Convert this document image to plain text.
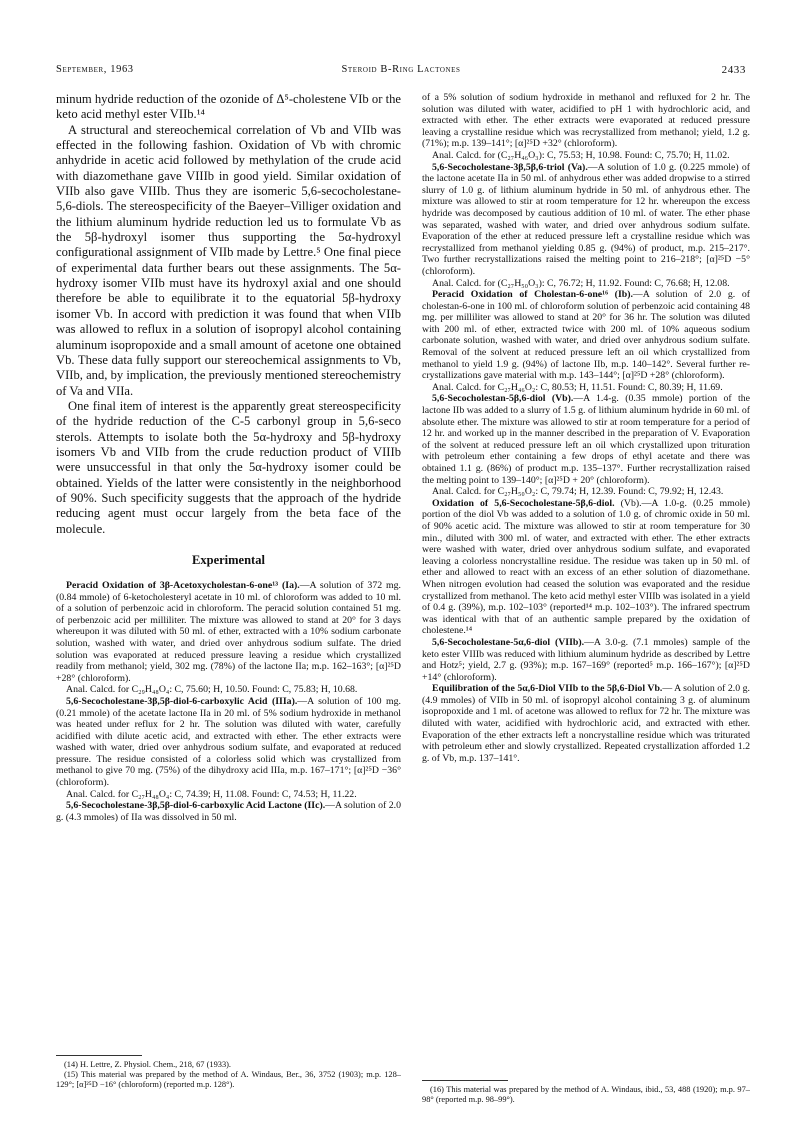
September, 1963	Steroid B-Ring Lactones	2433

minum hydride reduction of the ozonide of Δ⁵-cholestene VIb or the keto acid methyl ester VIIb.¹⁴

A structural and stereochemical correlation of Vb and VIIb was effected in the following fashion. Oxidation of Vb with chromic anhydride in acetic acid followed by methylation of the crude acid with diazomethane gave VIIIb in good yield. Similar oxidation of VIIb also gave VIIIb. Thus they are isomeric 5,6-secocholestane-5,6-diols. The stereospecificity of the Baeyer–Villiger oxidation and the lithium aluminum hydride reduction led us to formulate Vb as the 5β-hydroxyl isomer thus supporting the 5α-hydroxyl configurational assignment of VIIb made by Lettre.⁵ One final piece of experimental data further bears out these assignments. The 5α-hydroxy isomer VIIb must have its hydroxyl axial and one should therefore be able to equilibrate it to the equatorial 5β-hydroxy isomer Vb. In accord with prediction it was found that when VIIb was allowed to reflux in a solution of isopropyl alcohol containing aluminum isopropoxide and a small amount of acetone one obtained Vb. These data fully support our stereochemical assignments to Vb, VIIb, and, by implication, the previously mentioned stereochemistry of Va and VIIa.

One final item of interest is the apparently great stereospecificity of the hydride reduction of the C-5 carbonyl group in 5,6-seco sterols. Attempts to isolate both the 5α-hydroxy and 5β-hydroxy isomers Vb and VIIb from the crude reduction product of VIIIb were unsuccessful in that only the 5α-hydroxy isomer could be obtained. Yields of the latter were consistently in the neighborhood of 90%. Such specificity suggests that the approach of the hydride reducing agent must occur largely from the beta face of the molecule.

Experimental

Peracid Oxidation of 3β-Acetoxycholestan-6-one¹³ (Ia).—A solution of 372 mg. (0.84 mmole) of 6-ketocholesteryl acetate in 10 ml. of chloroform was added to 10 ml. of a solution of perbenzoic acid in chloroform. The peracid solution contained 51 mg. of perbenzoic acid per milliliter. The mixture was allowed to stand at 20° for 3 days whereupon it was diluted with 50 ml. of ether, extracted with a 10% sodium carbonate solution, washed with water, and dried over anhydrous sodium sulfate. The dried solution was evaporated at reduced pressure leaving a residue which crystallized readily from methanol; yield, 302 mg. (78%) of the lactone IIa; m.p. 162–163°; [α]²⁵D +28° (chloroform).

Anal. Calcd. for C₂₉H₄₈O₄: C, 75.60; H, 10.50. Found: C, 75.83; H, 10.68.

5,6-Secocholestane-3β,5β-diol-6-carboxylic Acid (IIIa).—A solution of 100 mg. (0.21 mmole) of the acetate lactone IIa in 20 ml. of 5% sodium hydroxide in methanol was heated under reflux for 2 hr. The solution was diluted with water, carefully acidified with dilute acetic acid, and extracted with ether. The ether extracts were washed with water, dried over anhydrous sodium sulfate, and evaporated at reduced pressure. The residue consisted of a colorless solid which was crystallized from methanol to give 70 mg. (75%) of the dihydroxy acid IIIa, m.p. 167–171°; [α]²⁵D −36° (chloroform).

Anal. Calcd. for C₂₇H₄₈O₄: C, 74.39; H, 11.08. Found: C, 74.53; H, 11.22.

5,6-Secocholestane-3β,5β-diol-6-carboxylic Acid Lactone (IIc).—A solution of 2.0 g. (4.3 mmoles) of IIa was dissolved in 50 ml.

(14) H. Lettre, Z. Physiol. Chem., 218, 67 (1933).

(15) This material was prepared by the method of A. Windaus, Ber., 36, 3752 (1903); m.p. 128–129°; [α]²⁵D −16° (chloroform) (reported m.p. 128°).

of a 5% solution of sodium hydroxide in methanol and refluxed for 2 hr. The solution was diluted with water, acidified to pH 1 with hydrochloric acid, and extracted with ether. The ether extracts were evaporated at reduced pressure leaving a crystalline residue which was recrystallized from methanol; yield, 1.2 g. (71%); m.p. 139–141°; [α]²⁵D +32° (chloroform).

Anal. Calcd. for (C₂₇H₄₆O₃): C, 75.53; H, 10.98. Found: C, 75.70; H, 11.02.

5,6-Secocholestane-3β,5β,6-triol (Va).—A solution of 1.0 g. (0.225 mmole) of the lactone acetate IIa in 50 ml. of anhydrous ether was added dropwise to a stirred slurry of 1.0 g. of lithium aluminum hydride in 50 ml. of anhydrous ether. The mixture was allowed to stir at room temperature for 12 hr. whereupon the excess hydride was decomposed by cautious addition of 10 ml. of water. The ether phase was separated, washed with water, and dried over anhydrous sodium sulfate. Evaporation of the ether at reduced pressure left a crystalline residue which was recrystallized from methanol yielding 0.85 g. (94%) of product, m.p. 215–217°. Two further recrystallizations raised the melting point to 216–218°; [α]²⁵D −5° (chloroform).

Anal. Calcd. for (C₂₇H₅₀O₃): C, 76.72; H, 11.92. Found: C, 76.68; H, 12.08.

Peracid Oxidation of Cholestan-6-one¹⁶ (Ib).—A solution of 2.0 g. of cholestan-6-one in 100 ml. of chloroform solution of perbenzoic acid containing 48 mg. per milliliter was allowed to stand at 20° for 36 hr. The solution was diluted with 200 ml. of ether, extracted twice with 200 ml. of 10% aqueous sodium carbonate solution, washed with water, and dried over anhydrous sodium sulfate. Removal of the solvent at reduced pressure left an oil which crystallized from methanol to yield 1.9 g. (94%) of lactone IIb, m.p. 140–142°. Several further recrystallizations gave material with m.p. 143–144°; [α]²⁵D +28° (chloroform).

Anal. Calcd. for C₂₇H₄₆O₂: C, 80.53; H, 11.51. Found: C, 80.39; H, 11.69.

5,6-Secocholestan-5β,6-diol (Vb).—A 1.4-g. (0.35 mmole) portion of the lactone IIb was added to a slurry of 1.5 g. of lithium aluminum hydride in 60 ml. of absolute ether. The mixture was allowed to stir at room temperature for a period of 12 hr. and worked up in the manner described in the preparation of V. Evaporation of the solvent at reduced pressure left an oil which crystallized upon trituration with petroleum ether containing a few drops of ethyl acetate and there was obtained 1.1 g. (86%) of product m.p. 135–137°. Further recrystallization raised the melting point to 139–140°; [α]²⁵D + 20° (chloroform).

Anal. Calcd. for C₂₇H₅₀O₂: C, 79.74; H, 12.39. Found: C, 79.92; H, 12.43.

Oxidation of 5,6-Secocholestane-5β,6-diol. (Vb).—A 1.0-g. (0.25 mmole) portion of the diol Vb was added to a solution of 1.0 g. of chromic oxide in 50 ml. of 90% acetic acid. The mixture was allowed to stir at room temperature for 30 min., diluted with 300 ml. of water, and extracted with ether. The ether extracts were washed with water, dried over anhydrous sodium sulfate, and evaporated leaving a colorless noncrystalline residue. The residue was taken up in 50 ml. of ether and allowed to react with an excess of an ether solution of diazomethane. When nitrogen evolution had ceased the solution was evaporated and the residue crystallized from methanol. The keto acid methyl ester VIIIb was isolated in a yield of 0.4 g. (39%), m.p. 102–103° (reported¹⁴ m.p. 102–103°). The infrared spectrum was identical with that of an authentic sample prepared by the oxidation of cholestene.¹⁴

5,6-Secocholestane-5α,6-diol (VIIb).—A 3.0-g. (7.1 mmoles) sample of the keto ester VIIIb was reduced with lithium aluminum hydride as described by Lettre and Hotz⁵; yield, 2.7 g. (93%); m.p. 167–169° (reported⁵ m.p. 166–167°); [α]²⁵D +14° (chloroform).

Equilibration of the 5α,6-Diol VIIb to the 5β,6-Diol Vb.— A solution of 2.0 g. (4.9 mmoles) of VIIb in 50 ml. of isopropyl alcohol containing 3 g. of aluminum isopropoxide and 1 ml. of acetone was allowed to reflux for 72 hr. The mixture was diluted with water, acidified with hydrochloric acid, and extracted with ether. Evaporation of the ether extracts left a noncrystalline residue which was triturated with petroleum ether and slowly crystallized. Repeated crystallization afforded 1.2 g. of Vb, m.p. 137–141°.

(16) This material was prepared by the method of A. Windaus, ibid., 53, 488 (1920); m.p. 97–98° (reported m.p. 98–99°).
